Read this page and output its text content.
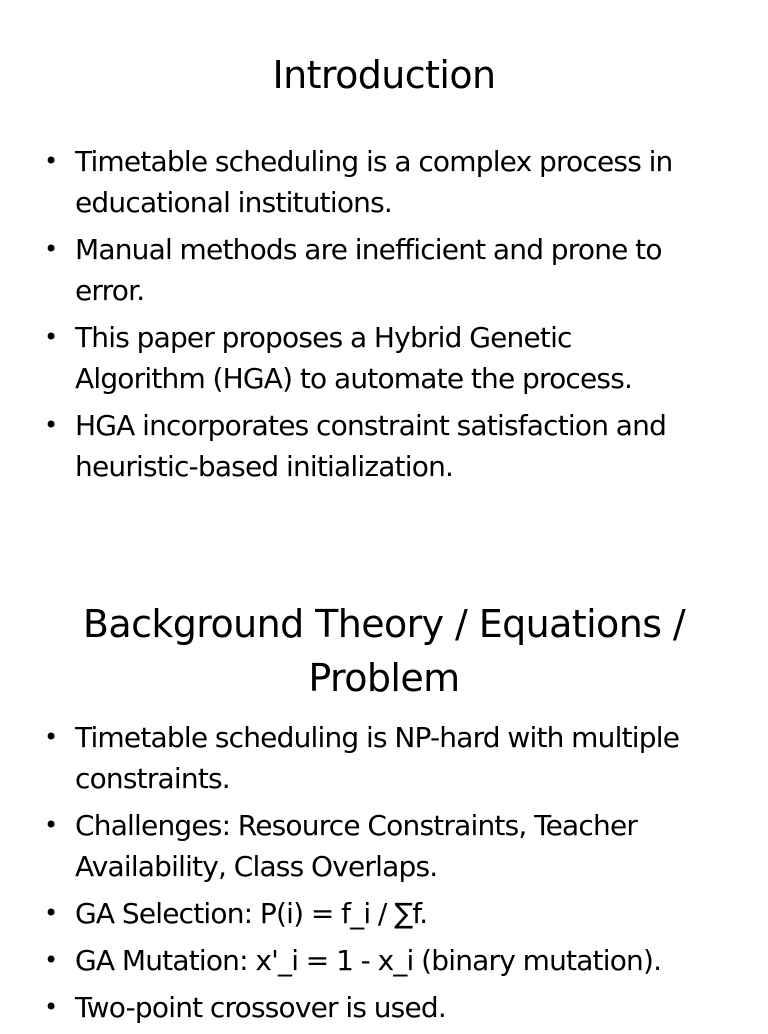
Introduction
• Timetable scheduling is a complex process in educational institutions.
• Manual methods are inefficient and prone to error.
• This paper proposes a Hybrid Genetic Algorithm (HGA) to automate the process.
• HGA incorporates constraint satisfaction and heuristic-based initialization.
Background Theory / Equations / Problem
• Timetable scheduling is NP-hard with multiple constraints.
• Challenges: Resource Constraints, Teacher Availability, Class Overlaps.
• GA Selection: P(i) = f_i / ∑f.
• GA Mutation: x'_i = 1 - x_i (binary mutation).
• Two-point crossover is used.
